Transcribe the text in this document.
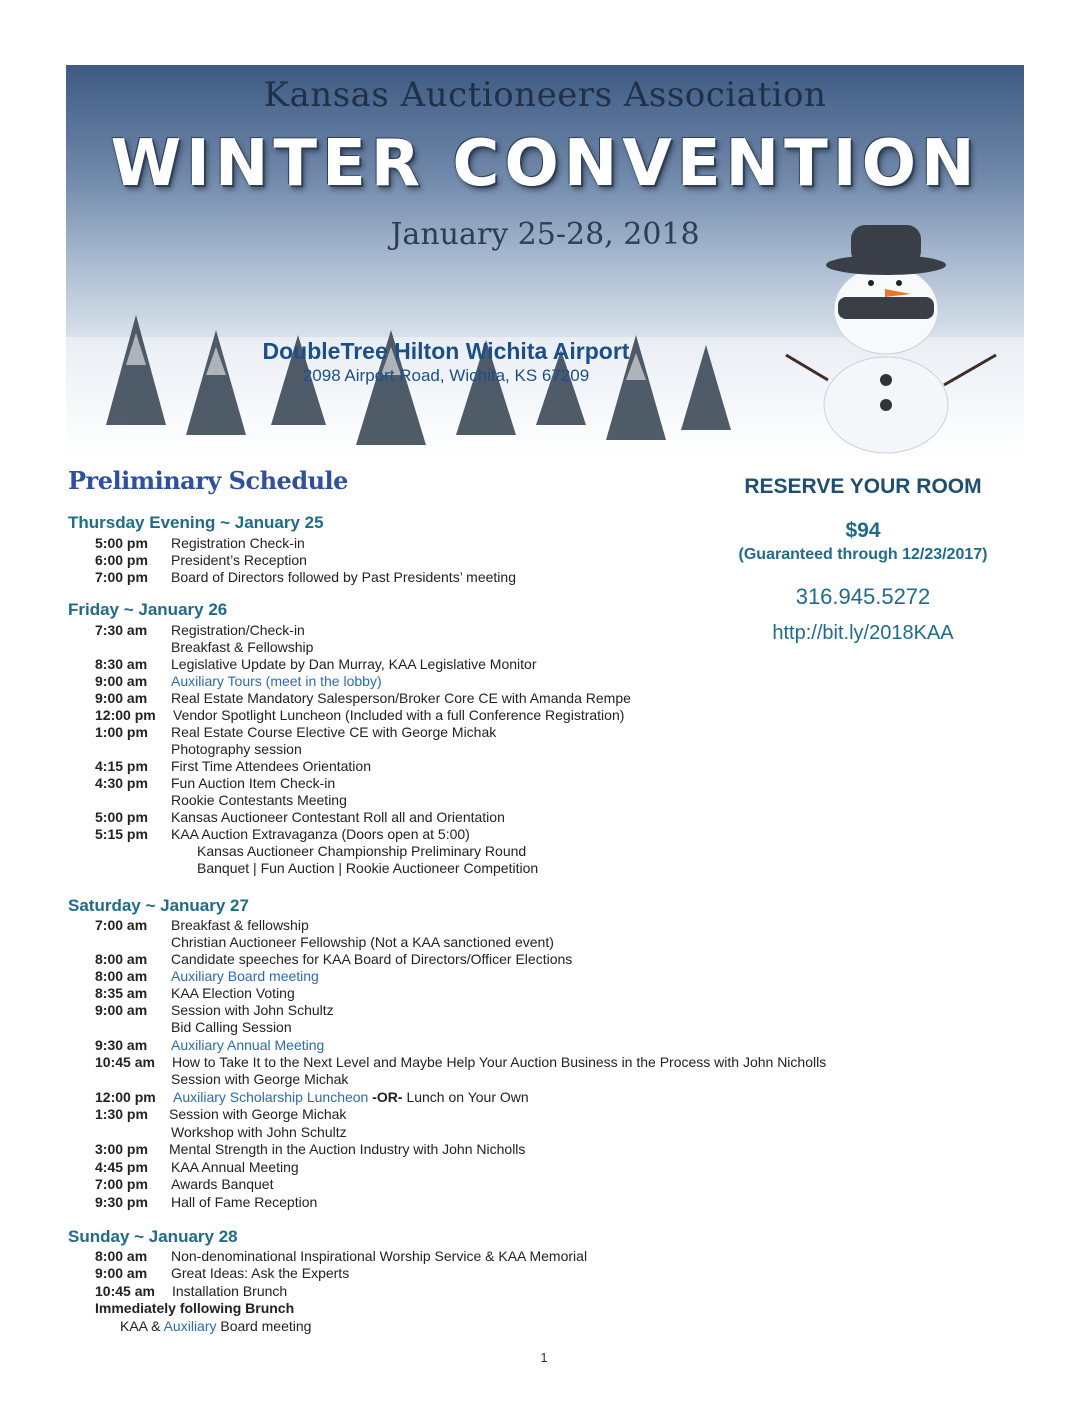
Kansas Auctioneers Association
WINTER CONVENTION
January 25-28, 2018
DoubleTree Hilton Wichita Airport
2098 Airport Road, Wichita, KS 67209
Preliminary Schedule
Thursday Evening ~ January 25
5:00 pm Registration Check-in
6:00 pm President’s Reception
7:00 pm Board of Directors followed by Past Presidents’ meeting
Friday ~ January 26
7:30 am Registration/Check-in
Breakfast & Fellowship
8:30 am Legislative Update by Dan Murray, KAA Legislative Monitor
9:00 am Auxiliary Tours (meet in the lobby)
9:00 am Real Estate Mandatory Salesperson/Broker Core CE with Amanda Rempe
12:00 pm Vendor Spotlight Luncheon (Included with a full Conference Registration)
1:00 pm Real Estate Course Elective CE with George Michak
Photography session
4:15 pm First Time Attendees Orientation
4:30 pm Fun Auction Item Check-in
Rookie Contestants Meeting
5:00 pm Kansas Auctioneer Contestant Roll all and Orientation
5:15 pm KAA Auction Extravaganza (Doors open at 5:00)
Kansas Auctioneer Championship Preliminary Round
Banquet | Fun Auction | Rookie Auctioneer Competition
Saturday ~ January 27
7:00 am Breakfast & fellowship
Christian Auctioneer Fellowship (Not a KAA sanctioned event)
8:00 am Candidate speeches for KAA Board of Directors/Officer Elections
8:00 am Auxiliary Board meeting
8:35 am KAA Election Voting
9:00 am Session with John Schultz
Bid Calling Session
9:30 am Auxiliary Annual Meeting
10:45 am How to Take It to the Next Level and Maybe Help Your Auction Business in the Process with John Nicholls
Session with George Michak
12:00 pm Auxiliary Scholarship Luncheon -OR- Lunch on Your Own
1:30 pm Session with George Michak
Workshop with John Schultz
3:00 pm Mental Strength in the Auction Industry with John Nicholls
4:45 pm KAA Annual Meeting
7:00 pm Awards Banquet
9:30 pm Hall of Fame Reception
Sunday ~ January 28
8:00 am Non-denominational Inspirational Worship Service & KAA Memorial
9:00 am Great Ideas: Ask the Experts
10:45 am Installation Brunch
Immediately following Brunch
KAA & Auxiliary Board meeting
RESERVE YOUR ROOM
$94
(Guaranteed through 12/23/2017)
316.945.5272
http://bit.ly/2018KAA
1
